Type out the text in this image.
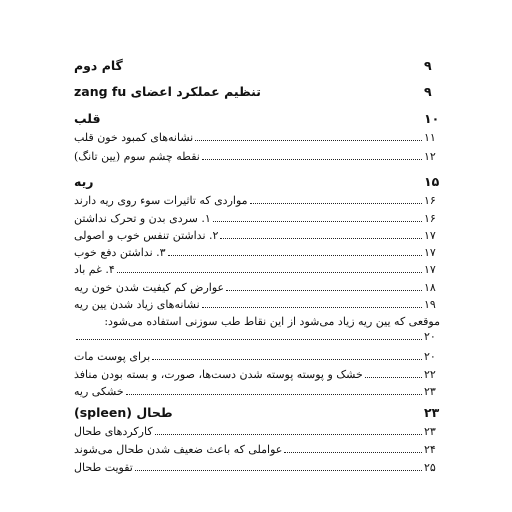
گام دوم	۹
تنظیم عملکرد اعضای zang fu	۹
قلب	۱۰
نشانه‌های کمبود خون قلب	۱۱
نقطه چشم سوم (یین تانگ)	۱۲
ریه	۱۵
مواردی که تاثیرات سوء روی ریه دارند	۱۶
۱. سردی بدن و تحرک نداشتن	۱۶
۲. نداشتن تنفس خوب و اصولی	۱۷
۳. نداشتن دفع خوب	۱۷
۴. غم باد	۱۷
عوارض کم کیفیت شدن خون ریه	۱۸
نشانه‌های زیاد شدن یین ریه	۱۹
موقعی که یین ریه زیاد می‌شود از این نقاط طب سوزنی استفاده می‌شود:
۲۰
برای پوست مات	۲۰
خشک و پوسته پوسته شدن دست‌ها، صورت، و بسته بودن منافذ	۲۲
خشکی ریه	۲۳
طحال (spleen)	۲۳
کارکردهای طحال	۲۳
عواملی که باعث ضعیف شدن طحال می‌شوند	۲۴
تقویت طحال	۲۵
